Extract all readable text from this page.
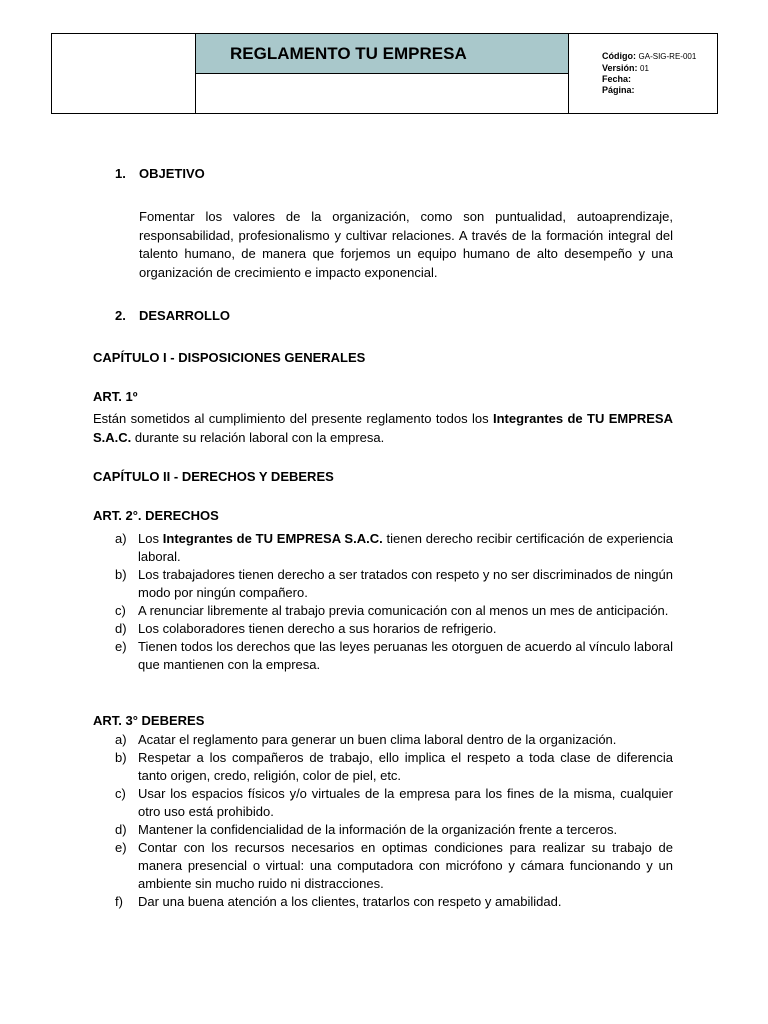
REGLAMENTO TU EMPRESA	Código: GA-SIG-RE-001
Versión: 01
Fecha:
Página:
1. OBJETIVO
Fomentar los valores de la organización, como son puntualidad, autoaprendizaje, responsabilidad, profesionalismo y cultivar relaciones. A través de la formación integral del talento humano, de manera que forjemos un equipo humano de alto desempeño y una organización de crecimiento e impacto exponencial.
2. DESARROLLO
CAPÍTULO I - DISPOSICIONES GENERALES
ART. 1º
Están sometidos al cumplimiento del presente reglamento todos los Integrantes de TU EMPRESA S.A.C. durante su relación laboral con la empresa.
CAPÍTULO II - DERECHOS Y DEBERES
ART. 2°. DERECHOS
a) Los Integrantes de TU EMPRESA S.A.C. tienen derecho recibir certificación de experiencia laboral.
b) Los trabajadores tienen derecho a ser tratados con respeto y no ser discriminados de ningún modo por ningún compañero.
c) A renunciar libremente al trabajo previa comunicación con al menos un mes de anticipación.
d) Los colaboradores tienen derecho a sus horarios de refrigerio.
e) Tienen todos los derechos que las leyes peruanas les otorguen de acuerdo al vínculo laboral que mantienen con la empresa.
ART. 3° DEBERES
a) Acatar el reglamento para generar un buen clima laboral dentro de la organización.
b) Respetar a los compañeros de trabajo, ello implica el respeto a toda clase de diferencia tanto origen, credo, religión, color de piel, etc.
c) Usar los espacios físicos y/o virtuales de la empresa para los fines de la misma, cualquier otro uso está prohibido.
d) Mantener la confidencialidad de la información de la organización frente a terceros.
e) Contar con los recursos necesarios en optimas condiciones para realizar su trabajo de manera presencial o virtual: una computadora con micrófono y cámara funcionando y un ambiente sin mucho ruido ni distracciones.
f) Dar una buena atención a los clientes, tratarlos con respeto y amabilidad.
